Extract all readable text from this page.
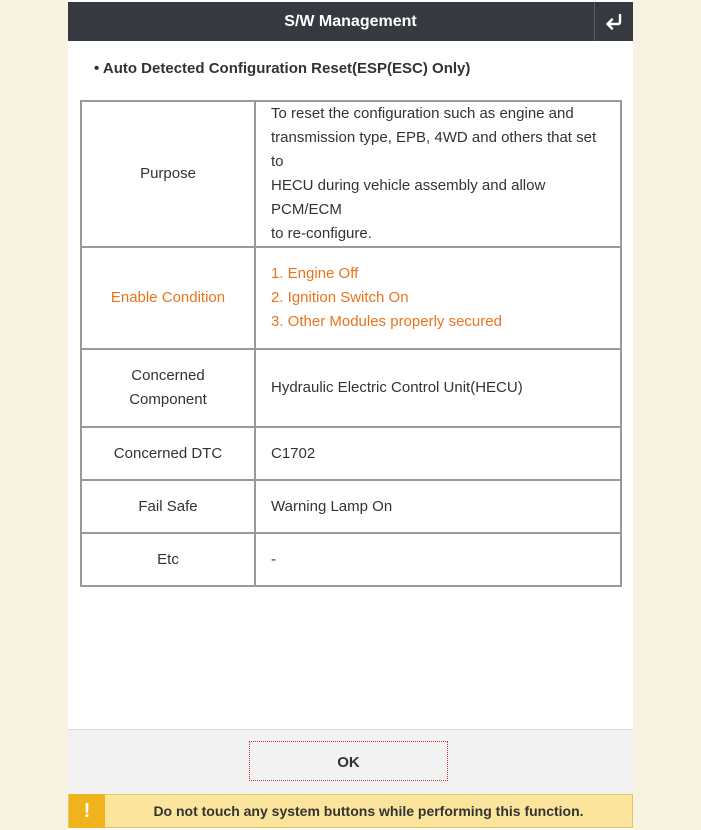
S/W Management
• Auto Detected Configuration Reset(ESP(ESC) Only)
Purpose	To reset the configuration such as engine and
transmission type, EPB, 4WD and others that set to
HECU during vehicle assembly and allow PCM/ECM
to re-configure.

Enable Condition	1. Engine Off
2. Ignition Switch On
3. Other Modules properly secured

Concerned
Component	Hydraulic Electric Control Unit(HECU)

Concerned DTC	C1702

Fail Safe	Warning Lamp On

Etc	-
OK
!	Do not touch any system buttons while performing this function.
